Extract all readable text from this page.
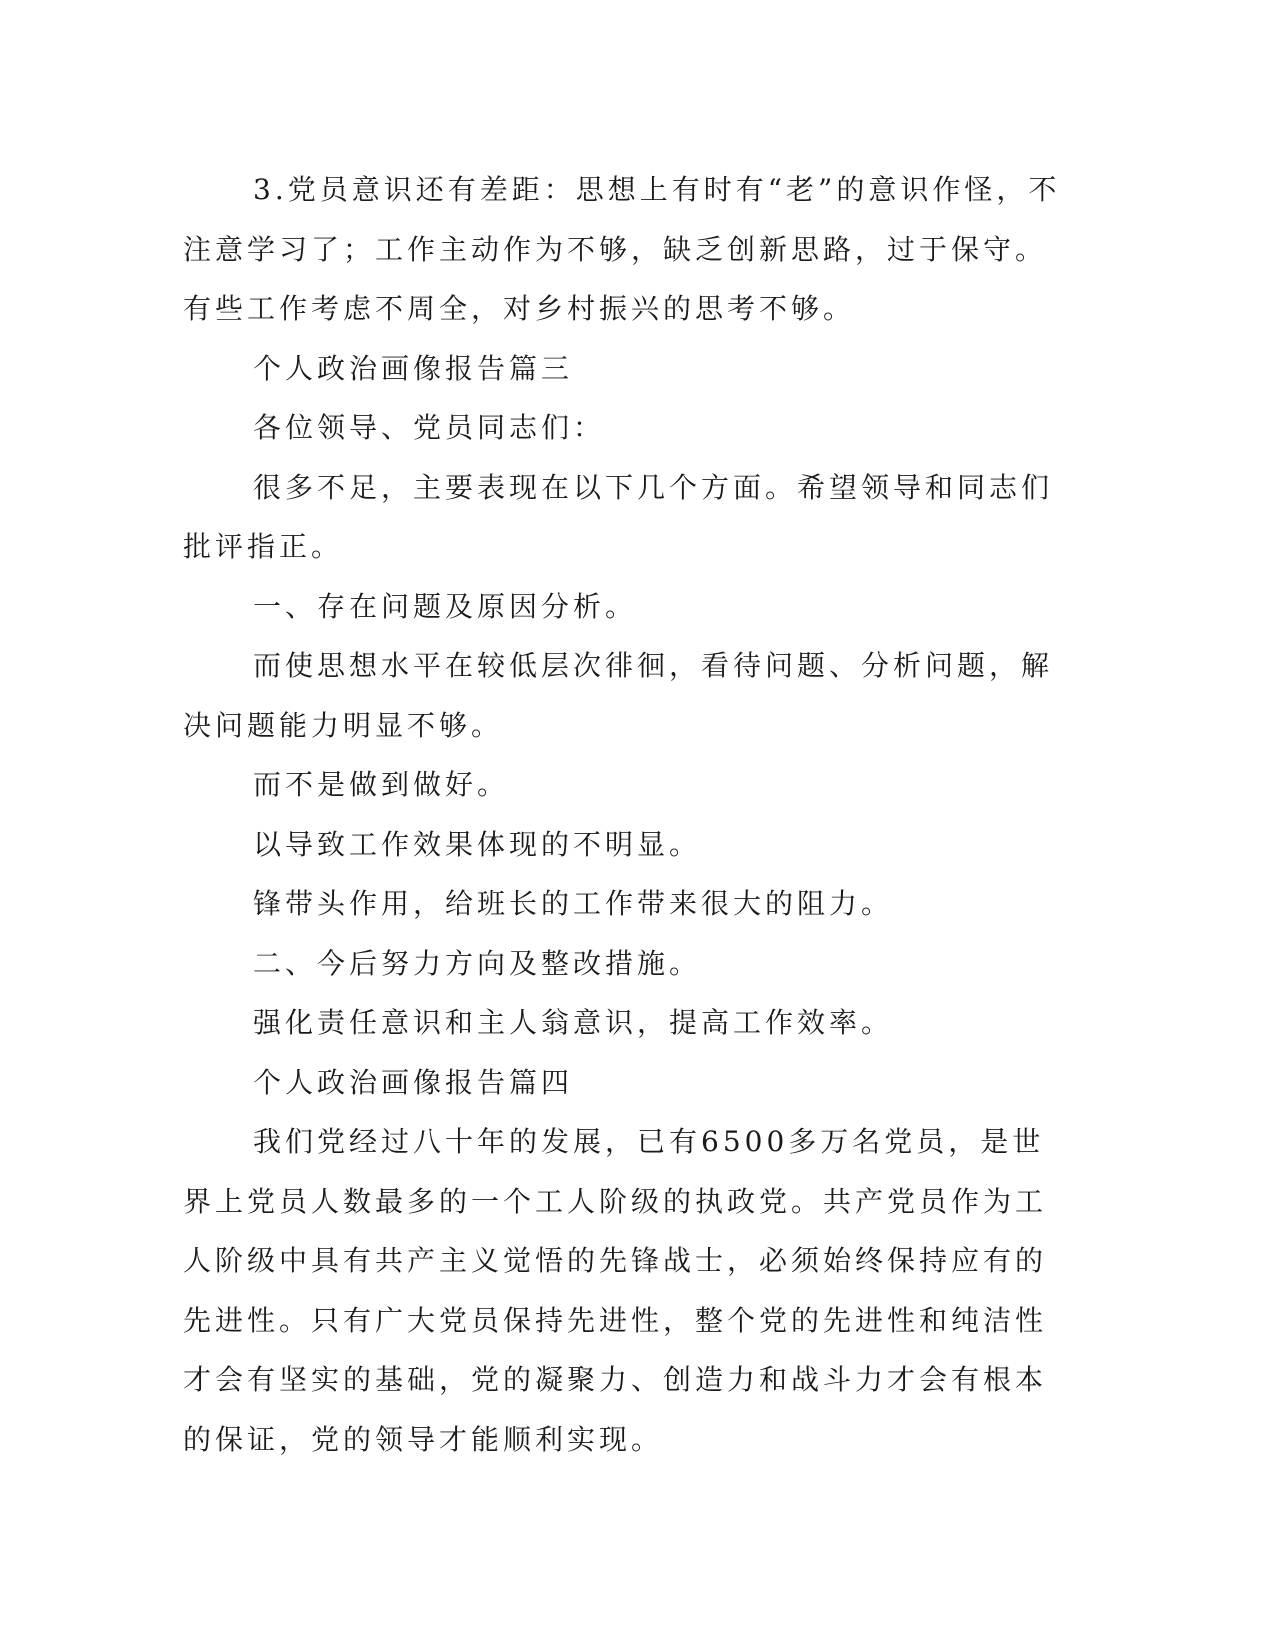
3.党员意识还有差距：思想上有时有“老”的意识作怪，不注意学习了；工作主动作为不够，缺乏创新思路，过于保守。有些工作考虑不周全，对乡村振兴的思考不够。

个人政治画像报告篇三

各位领导、党员同志们：

很多不足，主要表现在以下几个方面。希望领导和同志们批评指正。

一、存在问题及原因分析。

而使思想水平在较低层次徘徊，看待问题、分析问题，解决问题能力明显不够。

而不是做到做好。

以导致工作效果体现的不明显。

锋带头作用，给班长的工作带来很大的阻力。

二、今后努力方向及整改措施。

强化责任意识和主人翁意识，提高工作效率。

个人政治画像报告篇四

我们党经过八十年的发展，已有6500多万名党员，是世界上党员人数最多的一个工人阶级的执政党。共产党员作为工人阶级中具有共产主义觉悟的先锋战士，必须始终保持应有的先进性。只有广大党员保持先进性，整个党的先进性和纯洁性才会有坚实的基础，党的凝聚力、创造力和战斗力才会有根本的保证，党的领导才能顺利实现。
